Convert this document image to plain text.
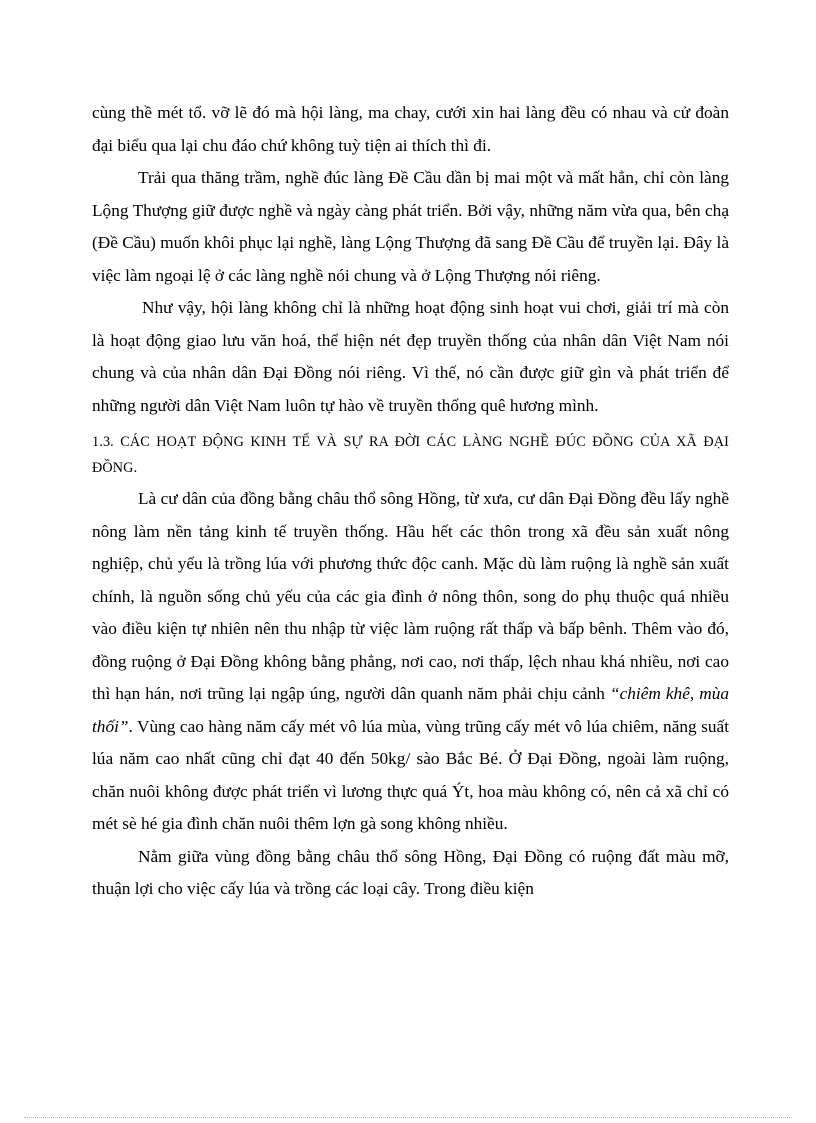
cùng thề mét tổ. vỡ lẽ đó mà hội làng, ma chay, cưới xin hai làng đều có nhau và cử đoàn đại biểu qua lại chu đáo chứ không tuỳ tiện ai thích thì đi.

Trải qua thăng trầm, nghề đúc làng Đề Cầu dần bị mai một và mất hẳn, chỉ còn làng Lộng Thượng giữ được nghề và ngày càng phát triển. Bởi vậy, những năm vừa qua, bên chạ (Đề Cầu) muốn khôi phục lại nghề, làng Lộng Thượng đã sang Đề Cầu để truyền lại. Đây là việc làm ngoại lệ ở các làng nghề nói chung và ở Lộng Thượng nói riêng.

Như vậy, hội làng không chỉ là những hoạt động sinh hoạt vui chơi, giải trí mà còn là hoạt động giao lưu văn hoá, thể hiện nét đẹp truyền thống của nhân dân Việt Nam nói chung và của nhân dân Đại Đồng nói riêng. Vì thế, nó cần được giữ gìn và phát triển để những người dân Việt Nam luôn tự hào về truyền thống quê hương mình.

1.3. CÁC HOẠT ĐỘNG KINH TẾ VÀ SỰ RA ĐỜI CÁC LÀNG NGHỀ ĐÚC ĐỒNG CỦA XÃ ĐẠI ĐỒNG.

Là cư dân của đồng bằng châu thổ sông Hồng, từ xưa, cư dân Đại Đồng đều lấy nghề nông làm nền tảng kinh tế truyền thống. Hầu hết các thôn trong xã đều sản xuất nông nghiệp, chủ yếu là trồng lúa với phương thức độc canh. Mặc dù làm ruộng là nghề sản xuất chính, là nguồn sống chủ yếu của các gia đình ở nông thôn, song do phụ thuộc quá nhiều vào điều kiện tự nhiên nên thu nhập từ việc làm ruộng rất thấp và bấp bênh. Thêm vào đó, đồng ruộng ở Đại Đồng không bằng phẳng, nơi cao, nơi thấp, lệch nhau khá nhiều, nơi cao thì hạn hán, nơi trũng lại ngập úng, người dân quanh năm phải chịu cảnh “chiêm khê, mùa thối”. Vùng cao hàng năm cấy mét vô lúa mùa, vùng trũng cấy mét vô lúa chiêm, năng suất lúa năm cao nhất cũng chỉ đạt 40 đến 50kg/ sào Bắc Bé. Ở Đại Đồng, ngoài làm ruộng, chăn nuôi không được phát triển vì lương thực quá Ýt, hoa màu không có, nên cả xã chỉ có mét sè hé gia đình chăn nuôi thêm lợn gà song không nhiều.

Nằm giữa vùng đồng bằng châu thổ sông Hồng, Đại Đồng có ruộng đất màu mỡ, thuận lợi cho việc cấy lúa và trồng các loại cây. Trong điều kiện
